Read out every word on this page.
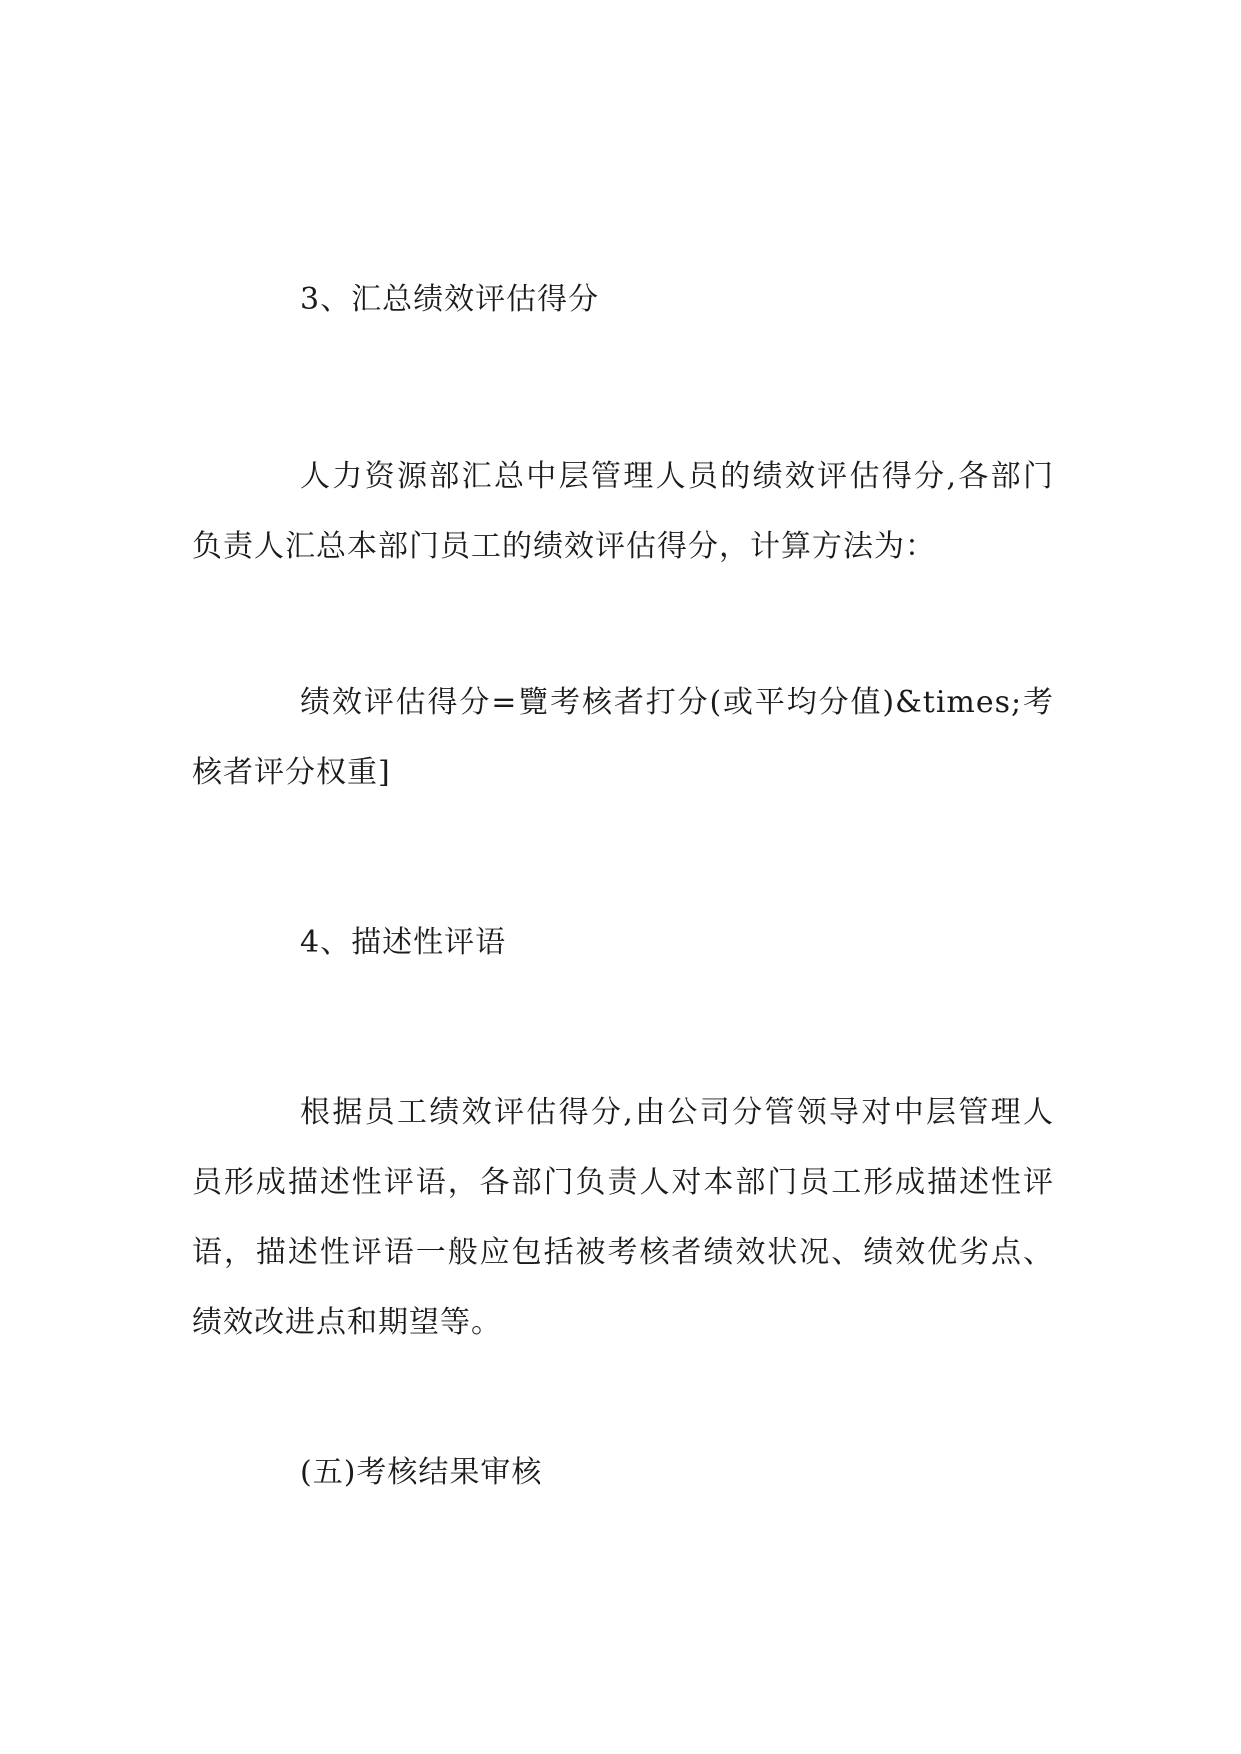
3、汇总绩效评估得分
人力资源部汇总中层管理人员的绩效评估得分,各部门负责人汇总本部门员工的绩效评估得分，计算方法为：
绩效评估得分=覽考核者打分(或平均分值)&times;考核者评分权重]
4、描述性评语
根据员工绩效评估得分,由公司分管领导对中层管理人员形成描述性评语，各部门负责人对本部门员工形成描述性评语，描述性评语一般应包括被考核者绩效状况、绩效优劣点、绩效改进点和期望等。
(五)考核结果审核
